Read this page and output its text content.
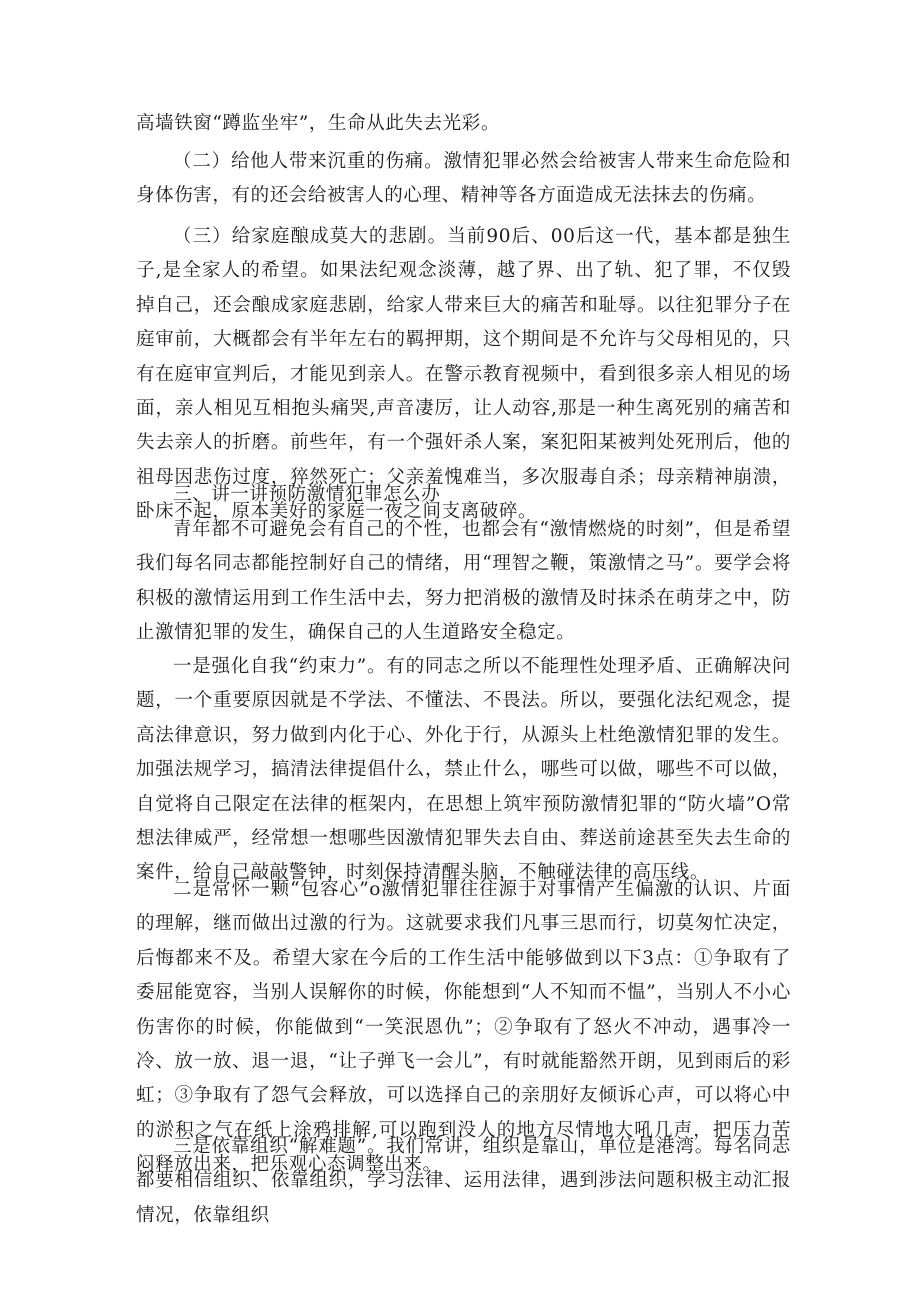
高墙铁窗“蹲监坐牢”，生命从此失去光彩。

（二）给他人带来沉重的伤痛。激情犯罪必然会给被害人带来生命危险和身体伤害，有的还会给被害人的心理、精神等各方面造成无法抹去的伤痛。

（三）给家庭酿成莫大的悲剧。当前90后、00后这一代，基本都是独生子,是全家人的希望。如果法纪观念淡薄，越了界、出了轨、犯了罪，不仅毁掉自己，还会酿成家庭悲剧，给家人带来巨大的痛苦和耻辱。以往犯罪分子在庭审前，大概都会有半年左右的羁押期，这个期间是不允许与父母相见的，只有在庭审宣判后，才能见到亲人。在警示教育视频中，看到很多亲人相见的场面，亲人相见互相抱头痛哭,声音凄厉，让人动容,那是一种生离死别的痛苦和失去亲人的折磨。前些年，有一个强奸杀人案，案犯阳某被判处死刑后，他的祖母因悲伤过度，猝然死亡；父亲羞愧难当，多次服毒自杀；母亲精神崩溃，卧床不起，原本美好的家庭一夜之间支离破碎。

三、讲一讲预防激情犯罪怎么办

青年都不可避免会有自己的个性，也都会有“激情燃烧的时刻”，但是希望我们每名同志都能控制好自己的情绪，用“理智之鞭，策激情之马”。要学会将积极的激情运用到工作生活中去，努力把消极的激情及时抹杀在萌芽之中，防止激情犯罪的发生，确保自己的人生道路安全稳定。

一是强化自我“约束力”。有的同志之所以不能理性处理矛盾、正确解决问题，一个重要原因就是不学法、不懂法、不畏法。所以，要强化法纪观念，提高法律意识，努力做到内化于心、外化于行，从源头上杜绝激情犯罪的发生。加强法规学习，搞清法律提倡什么，禁止什么，哪些可以做，哪些不可以做，自觉将自己限定在法律的框架内，在思想上筑牢预防激情犯罪的“防火墙”O常想法律威严，经常想一想哪些因激情犯罪失去自由、葬送前途甚至失去生命的案件，给自己敲敲警钟，时刻保持清醒头脑，不触碰法律的高压线。

二是常怀一颗“包容心”o激情犯罪往往源于对事情产生偏激的认识、片面的理解，继而做出过激的行为。这就要求我们凡事三思而行，切莫匆忙决定，后悔都来不及。希望大家在今后的工作生活中能够做到以下3点：①争取有了委屈能宽容，当别人误解你的时候，你能想到“人不知而不愠”，当别人不小心伤害你的时候，你能做到“一笑泯恩仇”；②争取有了怒火不冲动，遇事冷一冷、放一放、退一退，“让子弹飞一会儿”，有时就能豁然开朗，见到雨后的彩虹；③争取有了怨气会释放，可以选择自己的亲朋好友倾诉心声，可以将心中的淤积之气在纸上涂鸦排解,可以跑到没人的地方尽情地大吼几声，把压力苦闷释放出来，把乐观心态调整出来。

三是依靠组织“解难题”。我们常讲，组织是靠山，单位是港湾。每名同志都要相信组织、依靠组织，学习法律、运用法律，遇到涉法问题积极主动汇报情况，依靠组织
